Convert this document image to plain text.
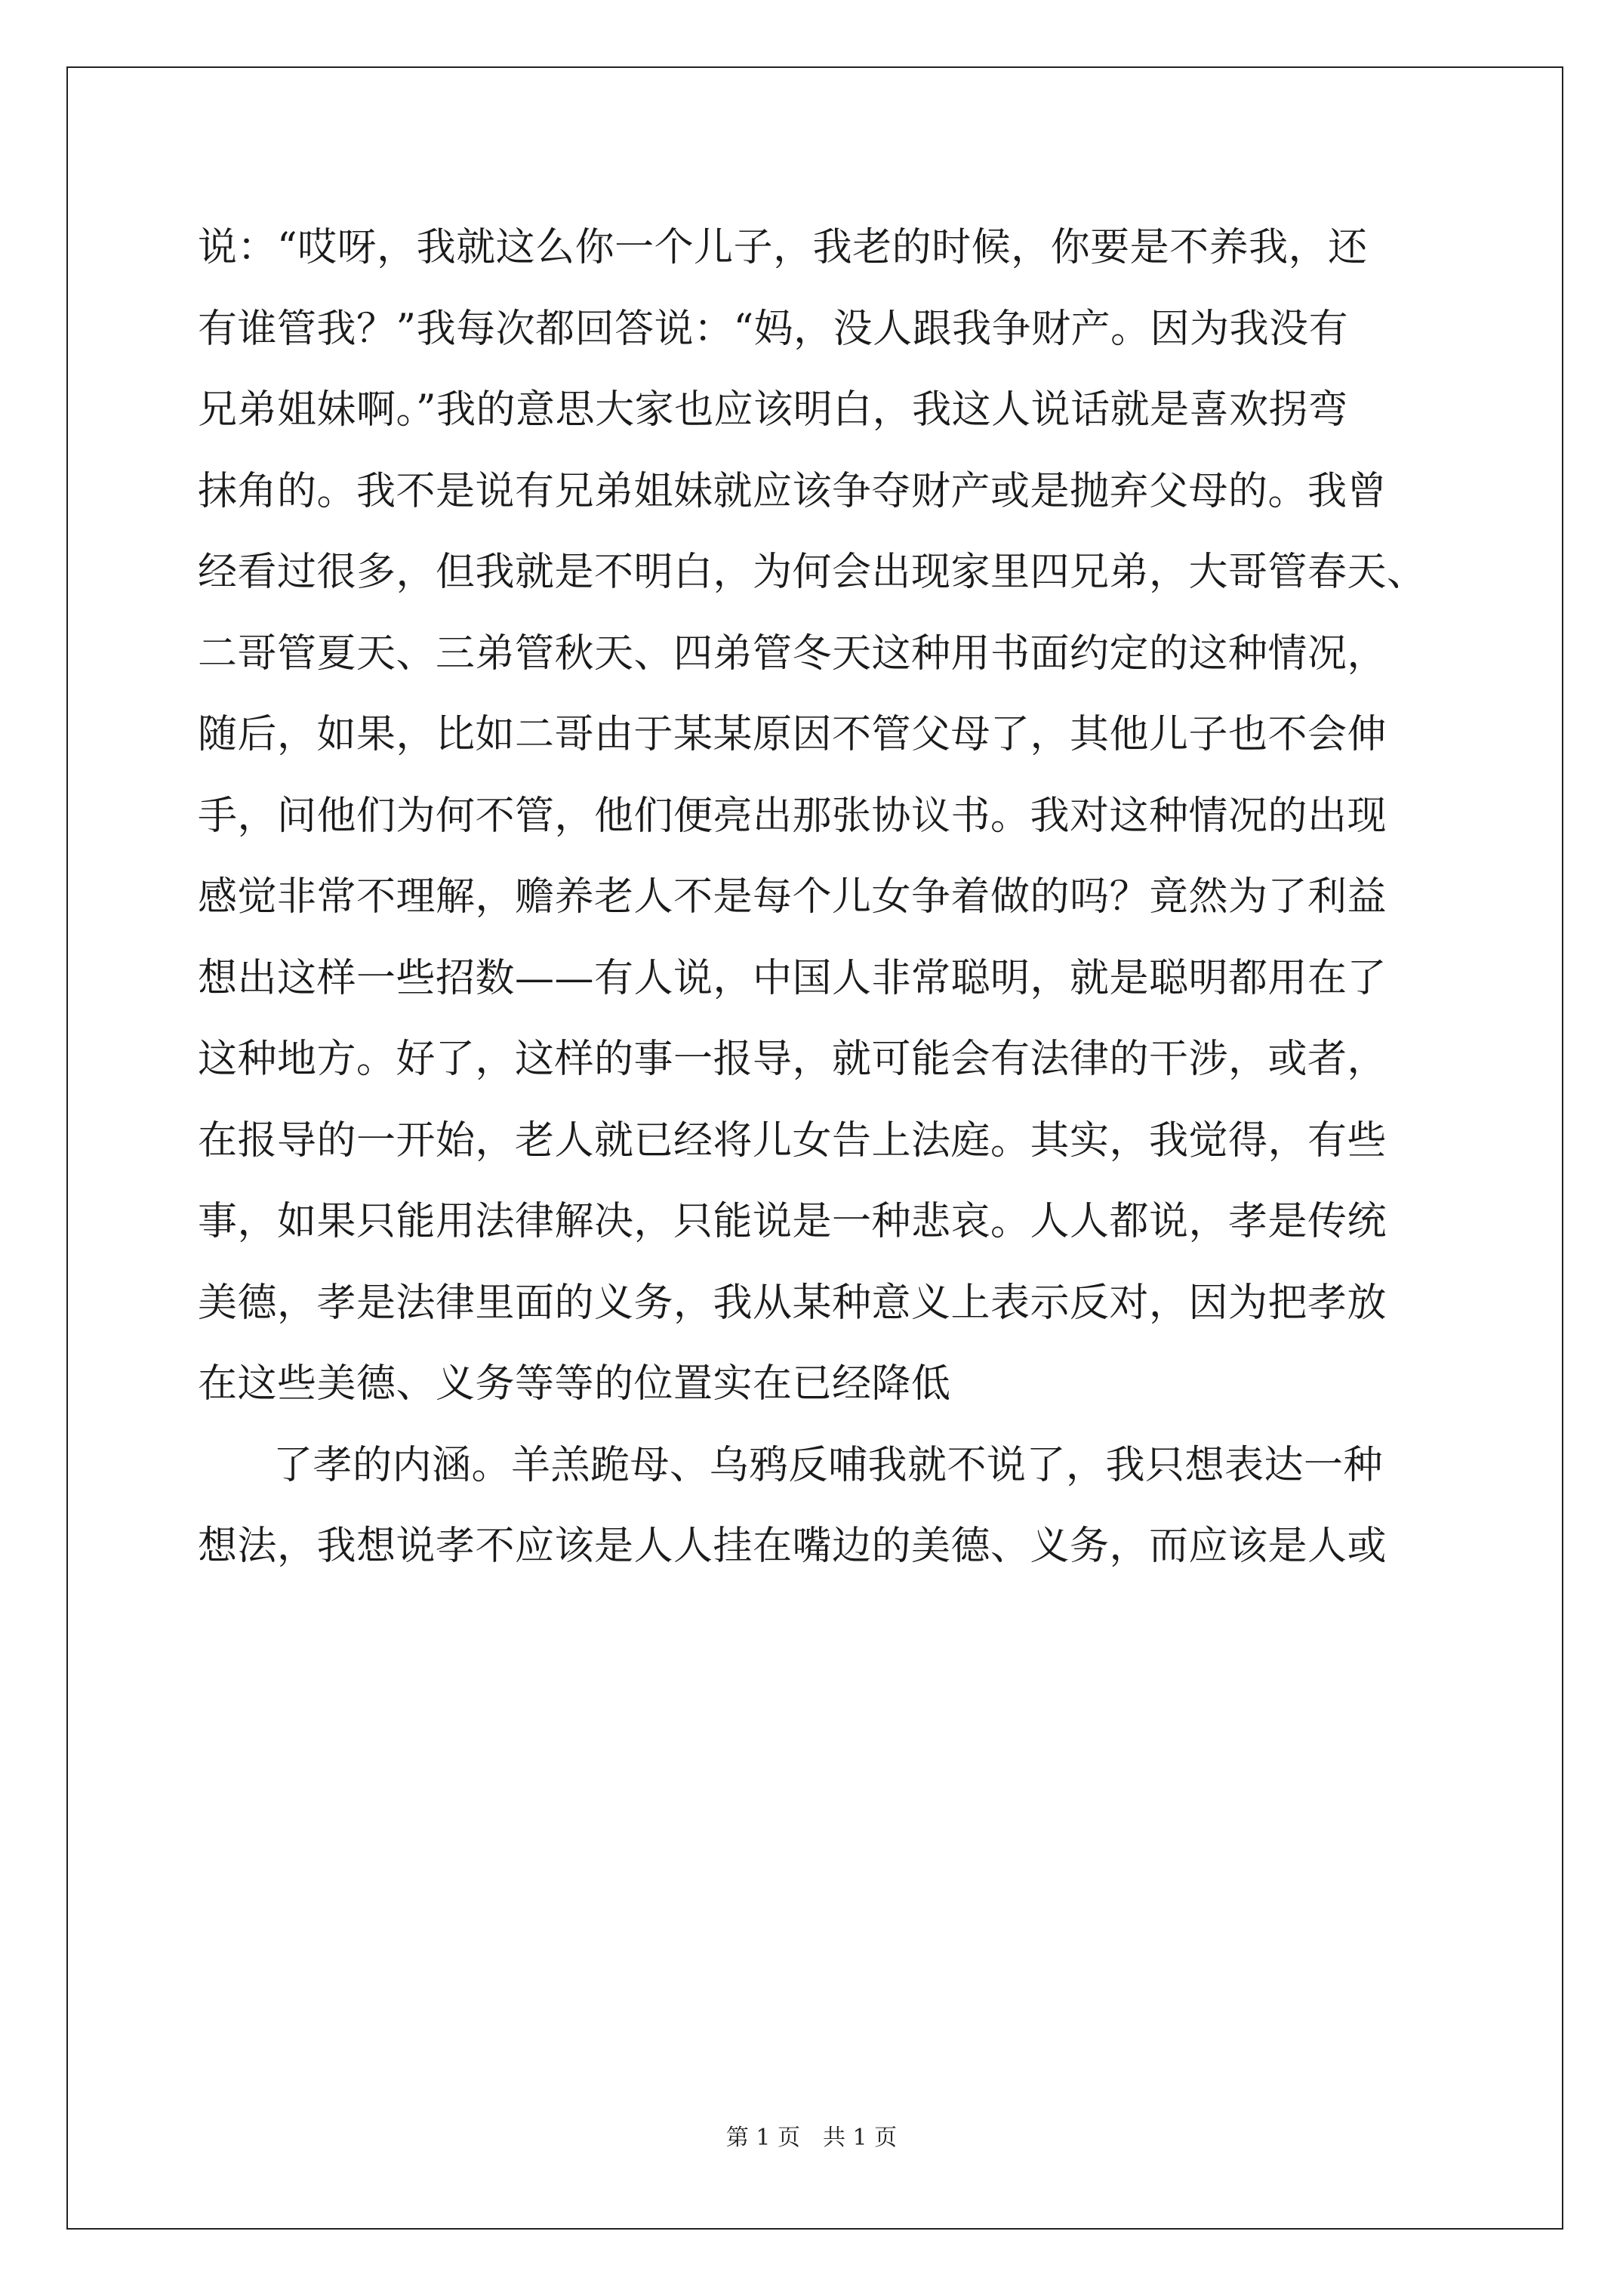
说：“哎呀，我就这么你一个儿子，我老的时候，你要是不养我，还
有谁管我？”我每次都回答说：“妈，没人跟我争财产。因为我没有
兄弟姐妹啊。”我的意思大家也应该明白，我这人说话就是喜欢拐弯
抹角的。我不是说有兄弟姐妹就应该争夺财产或是抛弃父母的。我曾
经看过很多，但我就是不明白，为何会出现家里四兄弟，大哥管春天、
二哥管夏天、三弟管秋天、四弟管冬天这种用书面约定的这种情况，
随后，如果，比如二哥由于某某原因不管父母了，其他儿子也不会伸
手，问他们为何不管，他们便亮出那张协议书。我对这种情况的出现
感觉非常不理解，赡养老人不是每个儿女争着做的吗？竟然为了利益
想出这样一些招数——有人说，中国人非常聪明，就是聪明都用在了
这种地方。好了，这样的事一报导，就可能会有法律的干涉，或者，
在报导的一开始，老人就已经将儿女告上法庭。其实，我觉得，有些
事，如果只能用法律解决，只能说是一种悲哀。人人都说，孝是传统
美德，孝是法律里面的义务，我从某种意义上表示反对，因为把孝放
在这些美德、义务等等的位置实在已经降低
了孝的内涵。羊羔跪母、乌鸦反哺我就不说了，我只想表达一种
想法，我想说孝不应该是人人挂在嘴边的美德、义务，而应该是人或
第 1 页　共 1 页
